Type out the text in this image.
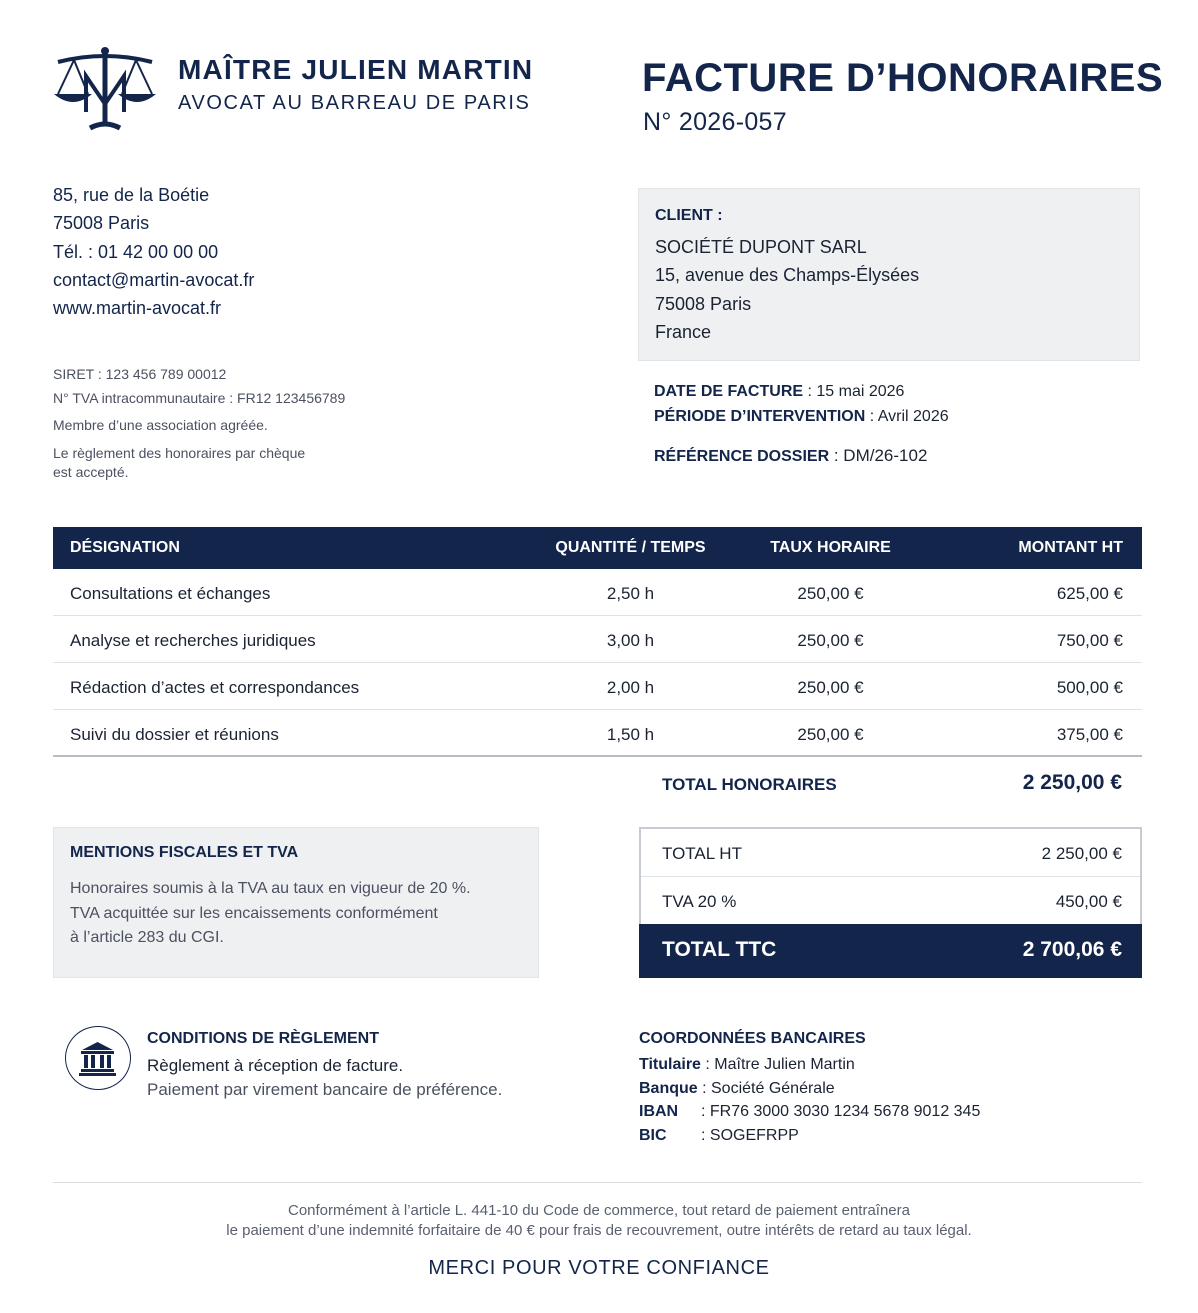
MAÎTRE JULIEN MARTIN
AVOCAT AU BARREAU DE PARIS
FACTURE D’HONORAIRES
N° 2026-057
85, rue de la Boétie
75008 Paris
Tél. : 01 42 00 00 00
contact@martin-avocat.fr
www.martin-avocat.fr
SIRET : 123 456 789 00012
N° TVA intracommunautaire : FR12 123456789
Membre d’une association agréée.
Le règlement des honoraires par chèque
est accepté.
CLIENT :
SOCIÉTÉ DUPONT SARL
15, avenue des Champs-Élysées
75008 Paris
France
DATE DE FACTURE : 15 mai 2026
PÉRIODE D’INTERVENTION : Avril 2026
RÉFÉRENCE DOSSIER : DM/26-102
DÉSIGNATION	QUANTITÉ / TEMPS	TAUX HORAIRE	MONTANT HT
Consultations et échanges	2,50 h	250,00 €	625,00 €
Analyse et recherches juridiques	3,00 h	250,00 €	750,00 €
Rédaction d’actes et correspondances	2,00 h	250,00 €	500,00 €
Suivi du dossier et réunions	1,50 h	250,00 €	375,00 €
TOTAL HONORAIRES	2 250,00 €
MENTIONS FISCALES ET TVA
Honoraires soumis à la TVA au taux en vigueur de 20 %.
TVA acquittée sur les encaissements conformément
à l’article 283 du CGI.
TOTAL HT	2 250,00 €
TVA 20 %	450,00 €
TOTAL TTC	2 700,06 €
CONDITIONS DE RÈGLEMENT
Règlement à réception de facture.
Paiement par virement bancaire de préférence.
COORDONNÉES BANCAIRES
Titulaire : Maître Julien Martin
Banque : Société Générale
IBAN : FR76 3000 3030 1234 5678 9012 345
BIC : SOGEFRPP
Conformément à l’article L. 441-10 du Code de commerce, tout retard de paiement entraînera
le paiement d’une indemnité forfaitaire de 40 € pour frais de recouvrement, outre intérêts de retard au taux légal.
MERCI POUR VOTRE CONFIANCE
